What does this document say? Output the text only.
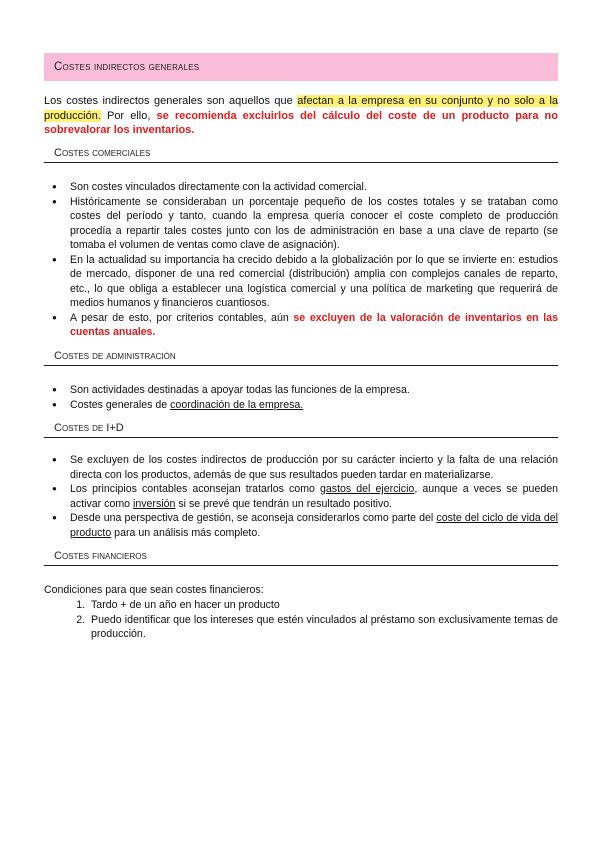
Costes indirectos generales

Los costes indirectos generales son aquellos que afectan a la empresa en su conjunto y no solo a la producción. Por ello, se recomienda excluirlos del cálculo del coste de un producto para no sobrevalorar los inventarios.

Costes comerciales
● Son costes vinculados directamente con la actividad comercial.
● Históricamente se consideraban un porcentaje pequeño de los costes totales y se trataban como costes del período y tanto, cuando la empresa quería conocer el coste completo de producción procedía a repartir tales costes junto con los de administración en base a una clave de reparto (se tomaba el volumen de ventas como clave de asignación).
● En la actualidad su importancia ha crecido debido a la globalización por lo que se invierte en: estudios de mercado, disponer de una red comercial (distribución) amplia con complejos canales de reparto, etc., lo que obliga a establecer una logística comercial y una política de marketing que requerirá de medios humanos y financieros cuantiosos.
● A pesar de esto, por criterios contables, aún se excluyen de la valoración de inventarios en las cuentas anuales.
Costes de administración
● Son actividades destinadas a apoyar todas las funciones de la empresa.
● Costes generales de coordinación de la empresa.
Costes de I+D
● Se excluyen de los costes indirectos de producción por su carácter incierto y la falta de una relación directa con los productos, además de que sus resultados pueden tardar en materializarse.
● Los principios contables aconsejan tratarlos como gastos del ejercicio, aunque a veces se pueden activar como inversión si se prevé que tendrán un resultado positivo.
● Desde una perspectiva de gestión, se aconseja considerarlos como parte del coste del ciclo de vida del producto para un análisis más completo.
Costes financieros

Condiciones para que sean costes financieros:

1. Tardo + de un año en hacer un producto
2. Puedo identificar que los intereses que estén vinculados al préstamo son exclusivamente temas de producción.
